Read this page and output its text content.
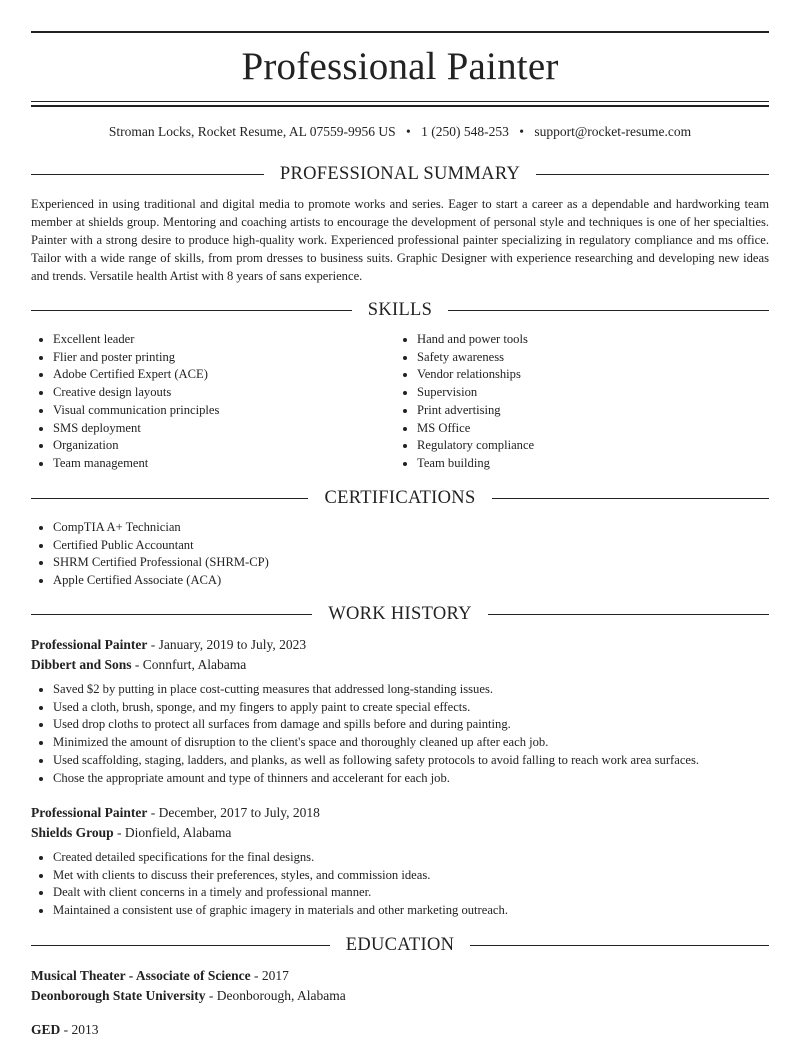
Professional Painter
Stroman Locks, Rocket Resume, AL 07559-9956 US • 1 (250) 548-253 • support@rocket-resume.com
PROFESSIONAL SUMMARY

Experienced in using traditional and digital media to promote works and series. Eager to start a career as a dependable and hardworking team member at shields group. Mentoring and coaching artists to encourage the development of personal style and techniques is one of her specialties. Painter with a strong desire to produce high-quality work. Experienced professional painter specializing in regulatory compliance and ms office. Tailor with a wide range of skills, from prom dresses to business suits. Graphic Designer with experience researching and developing new ideas and trends. Versatile health Artist with 8 years of sans experience.

SKILLS
• Excellent leader
• Flier and poster printing
• Adobe Certified Expert (ACE)
• Creative design layouts
• Visual communication principles
• SMS deployment
• Organization
• Team management
• Hand and power tools
• Safety awareness
• Vendor relationships
• Supervision
• Print advertising
• MS Office
• Regulatory compliance
• Team building
CERTIFICATIONS
• CompTIA A+ Technician
• Certified Public Accountant
• SHRM Certified Professional (SHRM-CP)
• Apple Certified Associate (ACA)
WORK HISTORY
Professional Painter - January, 2019 to July, 2023
Dibbert and Sons - Connfurt, Alabama
• Saved $2 by putting in place cost-cutting measures that addressed long-standing issues.
• Used a cloth, brush, sponge, and my fingers to apply paint to create special effects.
• Used drop cloths to protect all surfaces from damage and spills before and during painting.
• Minimized the amount of disruption to the client's space and thoroughly cleaned up after each job.
• Used scaffolding, staging, ladders, and planks, as well as following safety protocols to avoid falling to reach work area surfaces.
• Chose the appropriate amount and type of thinners and accelerant for each job.
Professional Painter - December, 2017 to July, 2018
Shields Group - Dionfield, Alabama
• Created detailed specifications for the final designs.
• Met with clients to discuss their preferences, styles, and commission ideas.
• Dealt with client concerns in a timely and professional manner.
• Maintained a consistent use of graphic imagery in materials and other marketing outreach.
EDUCATION
Musical Theater - Associate of Science - 2017
Deonborough State University - Deonborough, Alabama
GED - 2013
